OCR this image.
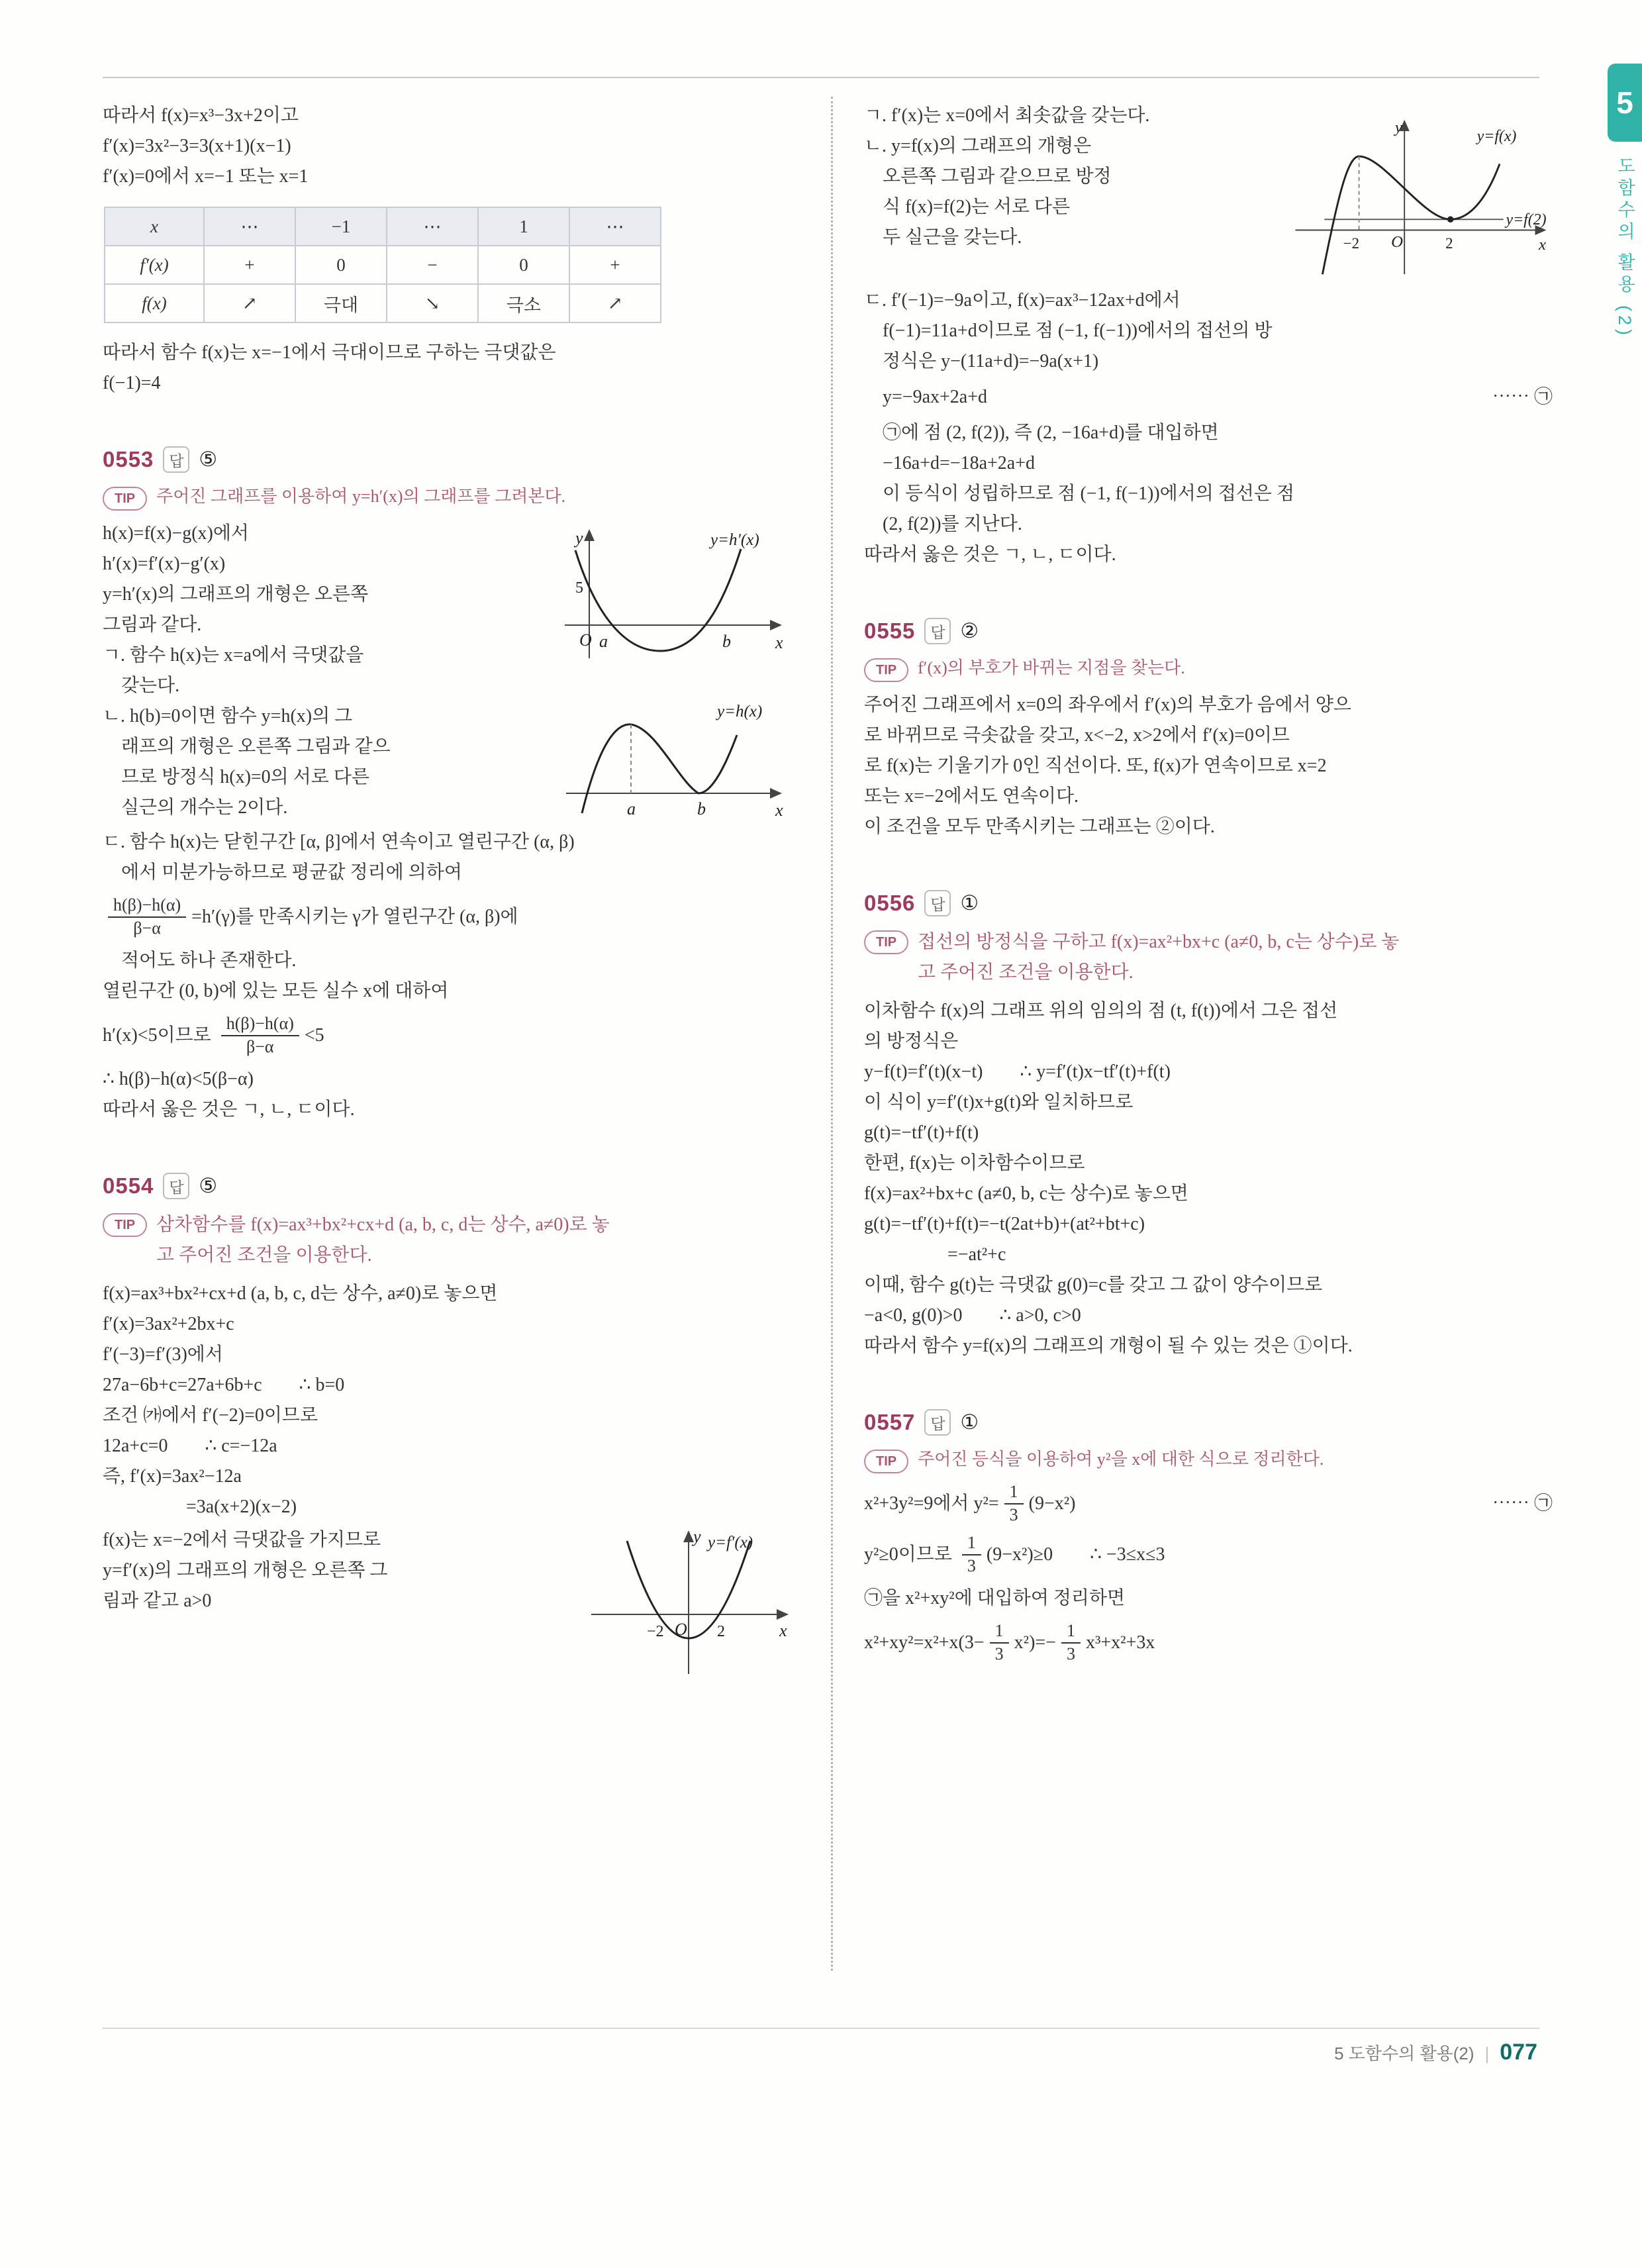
따라서 f(x)=x³−3x+2이고
f′(x)=3x²−3=3(x+1)(x−1)
f′(x)=0에서 x=−1 또는 x=1
x	⋯	−1	⋯	1	⋯
f′(x)	+	0	−	0	+
f(x)	↗	극대	↘	극소	↗
따라서 함수 f(x)는 x=−1에서 극대이므로 구하는 극댓값은
f(−1)=4
0553 답 ⑤
TIP	주어진 그래프를 이용하여 y=h′(x)의 그래프를 그려본다.
h(x)=f(x)−g(x)에서
h′(x)=f′(x)−g′(x)
y=h′(x)의 그래프의 개형은 오른쪽
그림과 같다.
ㄱ. 함수 h(x)는 x=a에서 극댓값을
갖는다.
ㄴ. h(b)=0이면 함수 y=h(x)의 그
래프의 개형은 오른쪽 그림과 같으
므로 방정식 h(x)=0의 서로 다른
실근의 개수는 2이다.
O a	b
5
y
x
y=h′(x)
a	b	x
y=h(x)
ㄷ. 함수 h(x)는 닫힌구간 [α, β]에서 연속이고 열린구간 (α, β)
에서 미분가능하므로 평균값 정리에 의하여
$\frac{h(\beta)-h(\alpha)}{\beta-\alpha} =h'(\gamma)$를 만족시키는 γ가 열린구간 (α, β)에
적어도 하나 존재한다.
열린구간 (0, b)에 있는 모든 실수 x에 대하여
h′(x)<5이므로 $\frac{h(\beta)-h(\alpha)}{\beta-\alpha} <5$
∴ h(β)−h(α)<5(β−α)
따라서 옳은 것은 ㄱ, ㄴ, ㄷ이다.
0554 답 ⑤
TIP	삼차함수를 f(x)=ax³+bx²+cx+d (a, b, c, d는 상수, a≠0)로 놓
고 주어진 조건을 이용한다.
f(x)=ax³+bx²+cx+d (a, b, c, d는 상수, a≠0)로 놓으면
f′(x)=3ax²+2bx+c
f′(−3)=f′(3)에서
27a−6b+c=27a+6b+c        ∴ b=0
조건 ㈎에서 f′(−2)=0이므로
12a+c=0        ∴ c=−12a
즉, f′(x)=3ax²−12a
=3a(x+2)(x−2)
f(x)는 x=−2에서 극댓값을 가지므로
y=f′(x)의 그래프의 개형은 오른쪽 그
림과 같고 a>0
−2	2
O
y
x
y=f′(x)
ㄱ. f′(x)는 x=0에서 최솟값을 갖는다.
ㄴ. y=f(x)의 그래프의 개형은
오른쪽 그림과 같으므로 방정
식 f(x)=f(2)는 서로 다른
두 실근을 갖는다.	−2 O	2
y
x
y=f(x)
y=f(2)
ㄷ. f′(−1)=−9a이고, f(x)=ax³−12ax+d에서
f(−1)=11a+d이므로 점 (−1, f(−1))에서의 접선의 방
정식은 y−(11a+d)=−9a(x+1)
y=−9ax+2a+d	⋯⋯ ㉠
㉠에 점 (2, f(2)), 즉 (2, −16a+d)를 대입하면
−16a+d=−18a+2a+d
이 등식이 성립하므로 점 (−1, f(−1))에서의 접선은 점
(2, f(2))를 지난다.
따라서 옳은 것은 ㄱ, ㄴ, ㄷ이다.
0555 답 ②
TIP	f′(x)의 부호가 바뀌는 지점을 찾는다.
주어진 그래프에서 x=0의 좌우에서 f′(x)의 부호가 음에서 양으
로 바뀌므로 극솟값을 갖고, x<−2, x>2에서 f′(x)=0이므
로 f(x)는 기울기가 0인 직선이다. 또, f(x)가 연속이므로 x=2
또는 x=−2에서도 연속이다.
이 조건을 모두 만족시키는 그래프는 ②이다.
0556 답 ①
TIP	접선의 방정식을 구하고 f(x)=ax²+bx+c (a≠0, b, c는 상수)로 놓
고 주어진 조건을 이용한다.
이차함수 f(x)의 그래프 위의 임의의 점 (t, f(t))에서 그은 접선
의 방정식은
y−f(t)=f′(t)(x−t)        ∴ y=f′(t)x−tf′(t)+f(t)
이 식이 y=f′(t)x+g(t)와 일치하므로
g(t)=−tf′(t)+f(t)
한편, f(x)는 이차함수이므로
f(x)=ax²+bx+c (a≠0, b, c는 상수)로 놓으면
g(t)=−tf′(t)+f(t)=−t(2at+b)+(at²+bt+c)
=−at²+c
이때, 함수 g(t)는 극댓값 g(0)=c를 갖고 그 값이 양수이므로
−a<0, g(0)>0        ∴ a>0, c>0
따라서 함수 y=f(x)의 그래프의 개형이 될 수 있는 것은 ①이다.
0557 답 ①
TIP	주어진 등식을 이용하여 y²을 x에 대한 식으로 정리한다.
x²+3y²=9에서 $y^2= \frac{1}{3} (9-x^2)$	⋯⋯ ㉠
y²≥0이므로 $\frac{1}{3} (9-x^2)\ge 0$        ∴ −3≤x≤3
㉠을 x²+xy²에 대입하여 정리하면
$x^2+xy^2=x^2+x(3- \frac{1}{3} x^2)=- \frac{1}{3} x^3+x^2+3x$
5
도함수의 활용 (2)
5 도함수의 활용(2) | 077
